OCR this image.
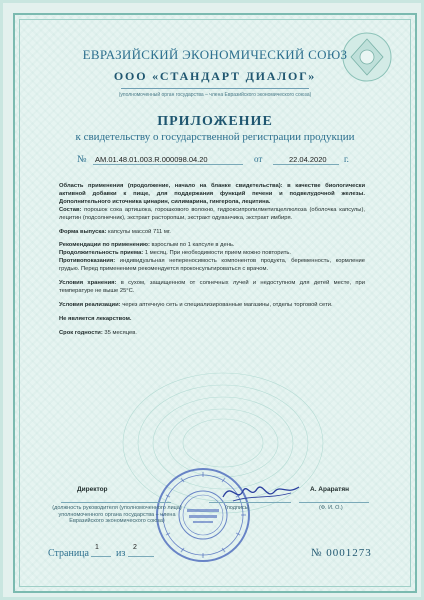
ЕВРАЗИЙСКИЙ ЭКОНОМИЧЕСКИЙ СОЮЗ
ООО «СТАНДАРТ ДИАЛОГ»
(уполномоченный орган государства – члена Евразийского экономического союза)
ПРИЛОЖЕНИЕ
к свидетельству о государственной регистрации продукции
№ AM.01.48.01.003.R.000098.04.20	от	22.04.2020 г.

Область применения (продолжение, начало на бланке свидетельства): в качестве биологически активной добавки к пище, для поддержания функций печени и подвелудочной железы. Дополнительного источника цинарин, силимарина, гингерола, лецитина.

Состав: порошок сока артишока, горошкового волокно, гидроксипропилметилцеллюлоза (оболочка капсулы), лецитин (подсолнечник), экстракт расторопши, экстракт одуванчика, экстракт имбиря.

Форма выпуска: капсулы массой 711 мг.

Рекомендации по применению: взрослым по 1 капсуле в день.

Продолжительность приема: 1 месяц. При необходимости прием можно повторить.

Противопоказания: индивидуальная непереносимость компонентов продукта, беременность, кормление грудью. Перед применением рекомендуется проконсультироваться с врачом.

Условия хранения: в сухом, защищенном от солнечных лучей и недоступном для детей месте, при температуре не выше 25°С.

Условия реализации: через аптечную сеть и специализированные магазины, отделы торговой сети.

Не является лекарством.

Срок годности: 35 месяцев.

Директор	А. Араратян
(должность руководителя (уполномоченного лица) уполномоченного органа государства – члена Евразийского экономического союза)
(подпись)	(Ф. И. О.)
Страница
1
из
2	№ 0001273
